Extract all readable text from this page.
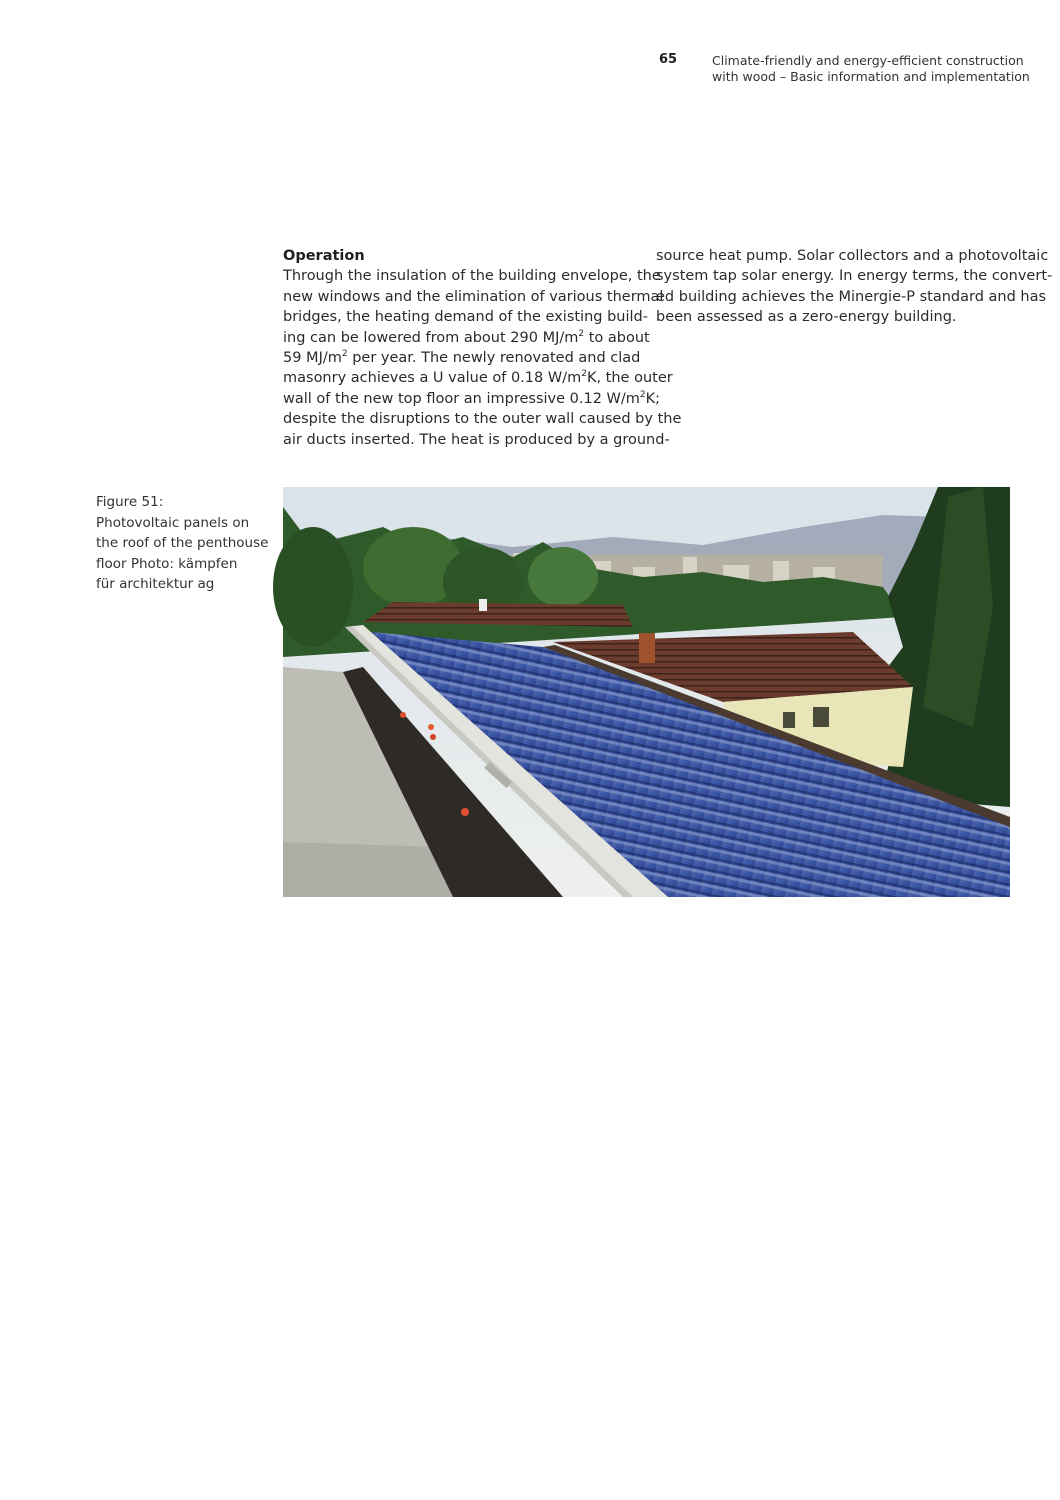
65	Climate-friendly and energy-efficient construction
with wood – Basic information and implementation
Operation
Through the insulation of the building envelope, the
new windows and the elimination of various thermal
bridges, the heating demand of the existing build-
ing can be lowered from about 290 $MJ/m^2$ to about
59 $MJ/m^2$ per year. The newly renovated and clad
masonry achieves a U value of 0.18 $W/m^2K$, the outer
wall of the new top floor an impressive 0.12 $W/m^2K$;
despite the disruptions to the outer wall caused by the
air ducts inserted. The heat is produced by a ground-
source heat pump. Solar collectors and a photovoltaic
system tap solar energy. In energy terms, the convert-
ed building achieves the Minergie-P standard and has
been assessed as a zero-energy building.
Figure 51:
Photovoltaic panels on
the roof of the penthouse
floor Photo: kämpfen
für architektur ag
